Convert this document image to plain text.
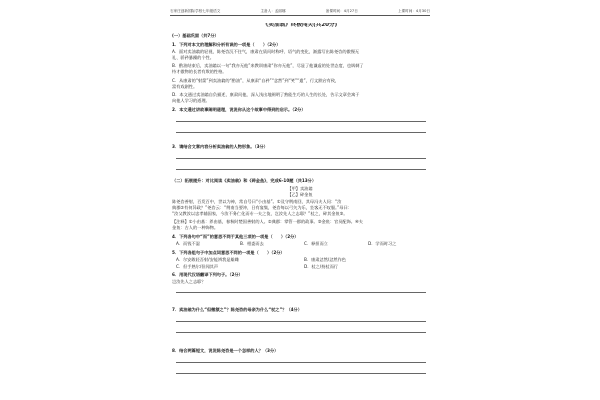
石家庄创新国际学校七年级语文	主备人：孟丽娜	备课时间：4月27日	上课时间：4月30日
《卖油翁》终极闯关(共20分)
(一）基础巩固（共7分）
1．下列对本文的理解和分析有误的一项是（　　）（2分）
A．面对卖油翁的轻视，陈尧咨沉不住气，康肃在质问时称呼、语气的变化，渐露写出陈尧咨的傲慢无
礼、骄矜暴躁的个性。
B．酌油结束后，卖油翁以一句“我亦无他”来教训康肃“你亦无他”，尽显了他谦虚的处世态度，也讽刺了
恃才傲物的长者有欺的性格。
C．从康肃的“射箭”到卖油翁的“酌油”，从康肃“自矜”“忿然”到“笑”“遣”，行文跌宕有致，
富有戏剧性。
D．本文通过卖油翁自负描述，康肃问他，深入浅出地阐明了熟能生巧的人生的长处，告示文章会寓于
向他人学习的道理。
2．本文通过讲故事阐明道理，说说你从这个故事中得到的启示。（2分）
3．请结合文章内容分析卖油翁的人物形象。（3分）
（二）拓展提升：对比阅读《卖油翁》和《碎金鱼》，完成6-10题（共13分）
【甲】卖油翁
【乙】碎金鱼
陈尧咨善射，百发百中，世以为神，常自号曰“小由基”。①及守荆南回，其母冯夫人问：“汝
典郡②有何异政？”尧咨云：“荆南当要冲，日有宴集，尧咨每以弓矢为乐，坐客无不叹服。”母曰：
“汝父教汝以忠孝辅国家，今汝不务仁化而专一夫之伎，岂汝先人之志耶？”杖之，碎其金鱼③。
【注释】①小由基：养由基，春秋时楚国善射的人。②典郡：掌管一郡的政事。③金鱼：官员配饰。④夫
金鱼：古人的一种饰物。
4．下列各句中“而”的意思不同于其他三项的一项是（　　）（2分）
A．而钱不湿	B．相委而去	C．释担而立	D．学而时习之
5．下列各组句子中加点词意思不同的一项是（　　）（2分）
A．尔安敢轻吾射/安能辨我是雄雌	B．康肃忿然/忿然作色
C．但手熟尔/但闻其声	D．杖之/持杖而行
6．用现代汉语翻译下列句子。（2分）
岂汝先人之志耶？
7．卖油翁为什么“但微颔之”？陈尧咨的母亲为什么“杖之”？（4分）
8．结合两篇短文，说说陈尧咨是一个怎样的人？（3分）
